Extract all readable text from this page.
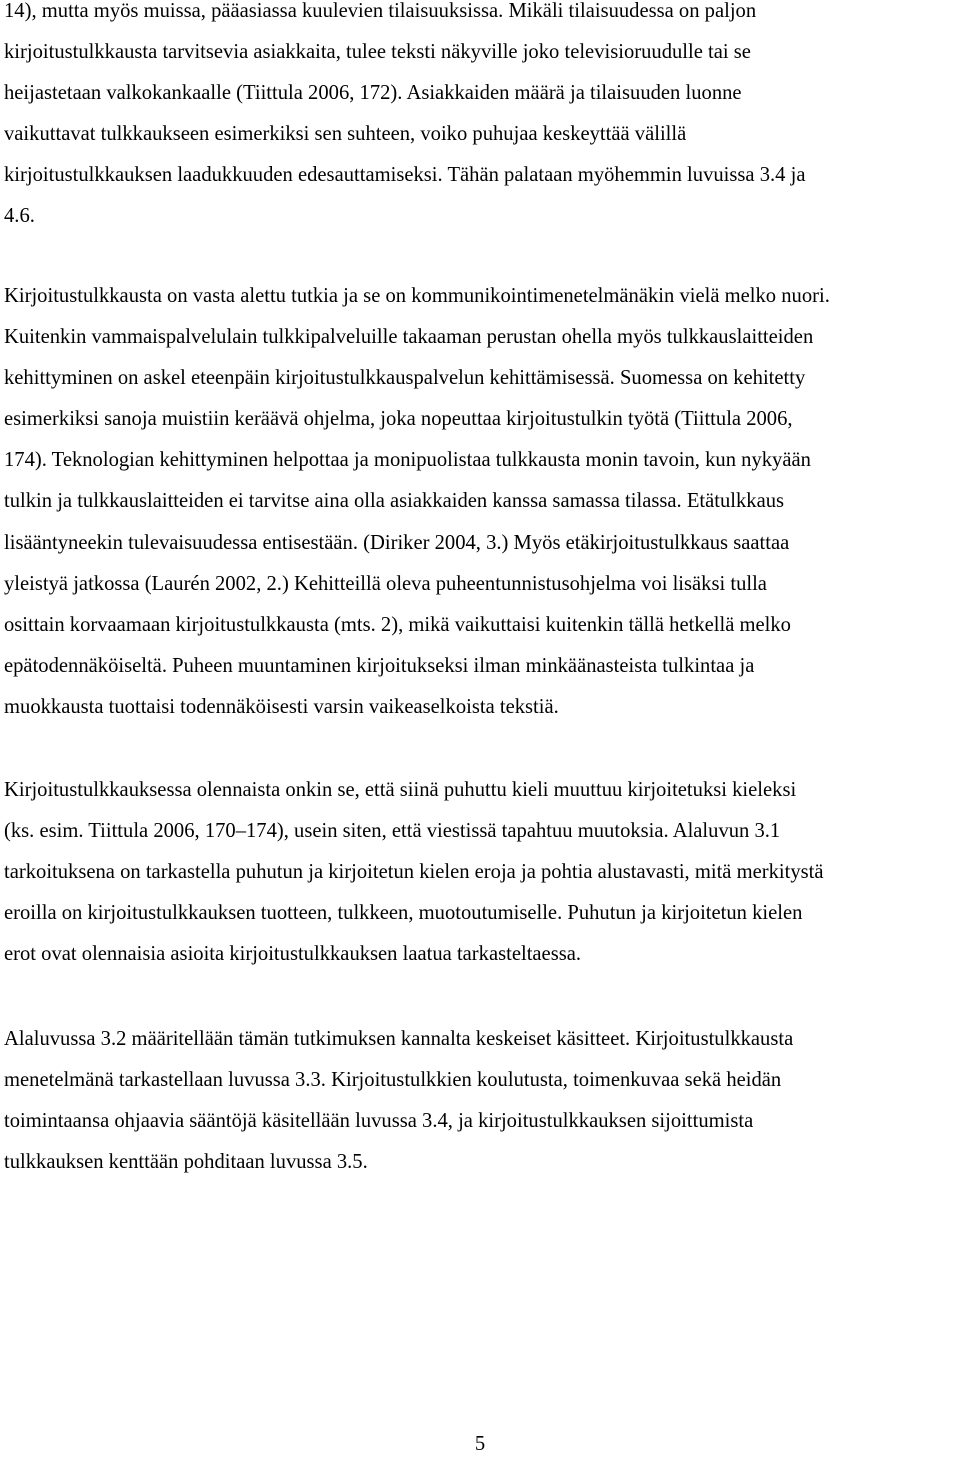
14), mutta myös muissa, pääasiassa kuulevien tilaisuuksissa. Mikäli tilaisuudessa on paljon
kirjoitustulkkausta tarvitsevia asiakkaita, tulee teksti näkyville joko televisioruudulle tai se
heijastetaan valkokankaalle (Tiittula 2006, 172). Asiakkaiden määrä ja tilaisuuden luonne
vaikuttavat tulkkaukseen esimerkiksi sen suhteen, voiko puhujaa keskeyttää välillä
kirjoitustulkkauksen laadukkuuden edesauttamiseksi. Tähän palataan myöhemmin luvuissa 3.4 ja
4.6.

Kirjoitustulkkausta on vasta alettu tutkia ja se on kommunikointimenetelmänäkin vielä melko nuori.
Kuitenkin vammaispalvelulain tulkkipalveluille takaaman perustan ohella myös tulkkauslaitteiden
kehittyminen on askel eteenpäin kirjoitustulkkauspalvelun kehittämisessä. Suomessa on kehitetty
esimerkiksi sanoja muistiin keräävä ohjelma, joka nopeuttaa kirjoitustulkin työtä (Tiittula 2006,
174). Teknologian kehittyminen helpottaa ja monipuolistaa tulkkausta monin tavoin, kun nykyään
tulkin ja tulkkauslaitteiden ei tarvitse aina olla asiakkaiden kanssa samassa tilassa. Etätulkkaus
lisääntyneekin tulevaisuudessa entisestään. (Diriker 2004, 3.) Myös etäkirjoitustulkkaus saattaa
yleistyä jatkossa (Laurén 2002, 2.) Kehitteillä oleva puheentunnistusohjelma voi lisäksi tulla
osittain korvaamaan kirjoitustulkkausta (mts. 2), mikä vaikuttaisi kuitenkin tällä hetkellä melko
epätodennäköiseltä. Puheen muuntaminen kirjoitukseksi ilman minkäänasteista tulkintaa ja
muokkausta tuottaisi todennäköisesti varsin vaikeaselkoista tekstiä.

Kirjoitustulkkauksessa olennaista onkin se, että siinä puhuttu kieli muuttuu kirjoitetuksi kieleksi
(ks. esim. Tiittula 2006, 170–174), usein siten, että viestissä tapahtuu muutoksia. Alaluvun 3.1
tarkoituksena on tarkastella puhutun ja kirjoitetun kielen eroja ja pohtia alustavasti, mitä merkitystä
eroilla on kirjoitustulkkauksen tuotteen, tulkkeen, muotoutumiselle. Puhutun ja kirjoitetun kielen
erot ovat olennaisia asioita kirjoitustulkkauksen laatua tarkasteltaessa.

Alaluvussa 3.2 määritellään tämän tutkimuksen kannalta keskeiset käsitteet. Kirjoitustulkkausta
menetelmänä tarkastellaan luvussa 3.3. Kirjoitustulkkien koulutusta, toimenkuvaa sekä heidän
toimintaansa ohjaavia sääntöjä käsitellään luvussa 3.4, ja kirjoitustulkkauksen sijoittumista
tulkkauksen kenttään pohditaan luvussa 3.5.

5
